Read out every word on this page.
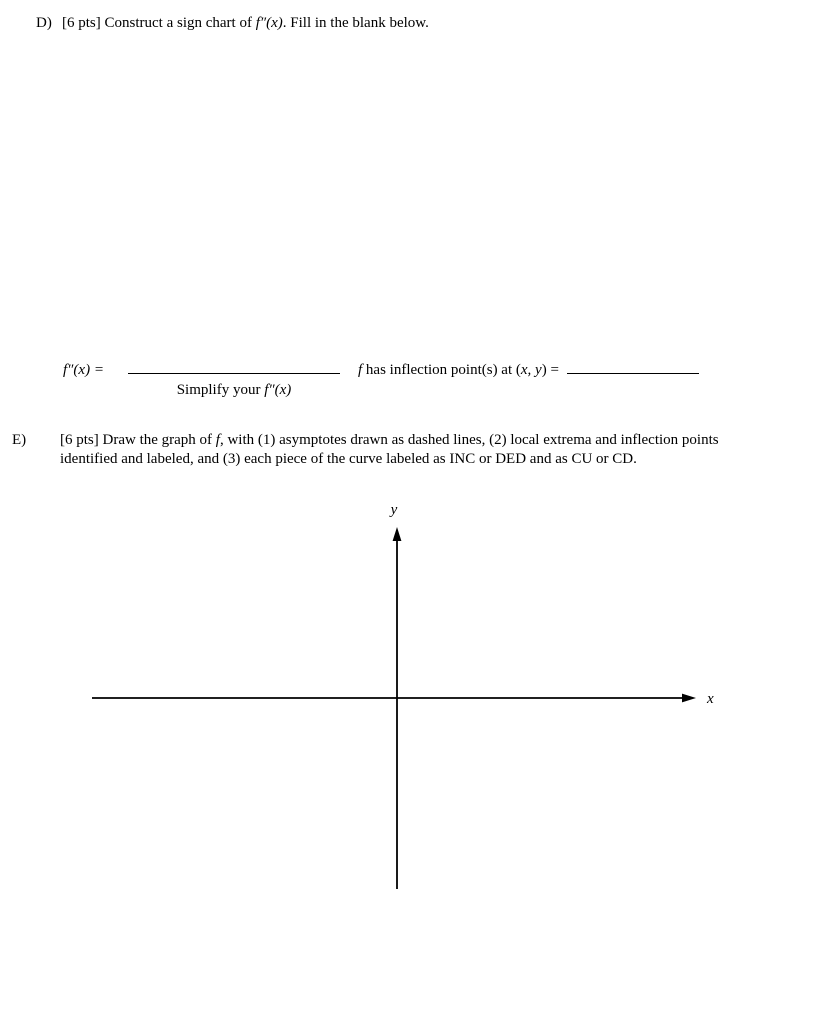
D) [6 pts] Construct a sign chart of f″(x). Fill in the blank below.
f″(x) =	f has inflection point(s) at (x, y) =
Simplify your f″(x)
E) [6 pts] Draw the graph of f, with (1) asymptotes drawn as dashed lines, (2) local extrema and inflection points
identified and labeled, and (3) each piece of the curve labeled as INC or DED and as CU or CD.
y
x
